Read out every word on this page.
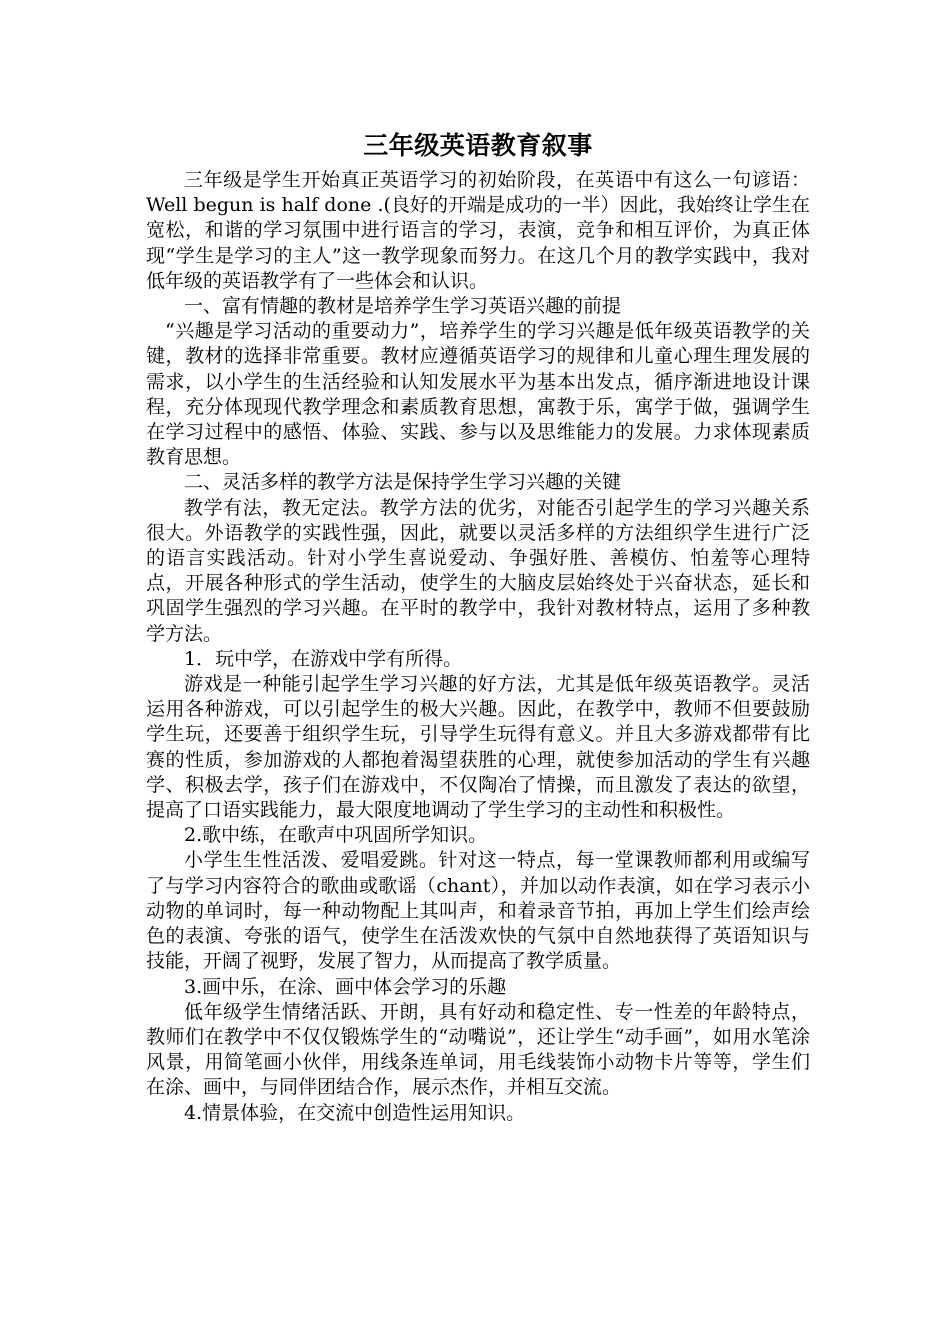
三年级英语教育叙事

三年级是学生开始真正英语学习的初始阶段，在英语中有这么一句谚语：Well begun is half done .(良好的开端是成功的一半）因此，我始终让学生在宽松，和谐的学习氛围中进行语言的学习，表演，竞争和相互评价，为真正体现“学生是学习的主人”这一教学现象而努力。在这几个月的教学实践中，我对低年级的英语教学有了一些体会和认识。

一、富有情趣的教材是培养学生学习英语兴趣的前提

“兴趣是学习活动的重要动力”，培养学生的学习兴趣是低年级英语教学的关键，教材的选择非常重要。教材应遵循英语学习的规律和儿童心理生理发展的需求，以小学生的生活经验和认知发展水平为基本出发点，循序渐进地设计课程，充分体现现代教学理念和素质教育思想，寓教于乐，寓学于做，强调学生在学习过程中的感悟、体验、实践、参与以及思维能力的发展。力求体现素质教育思想。

二、灵活多样的教学方法是保持学生学习兴趣的关键

教学有法，教无定法。教学方法的优劣，对能否引起学生的学习兴趣关系很大。外语教学的实践性强，因此，就要以灵活多样的方法组织学生进行广泛的语言实践活动。针对小学生喜说爱动、争强好胜、善模仿、怕羞等心理特点，开展各种形式的学生活动，使学生的大脑皮层始终处于兴奋状态，延长和巩固学生强烈的学习兴趣。在平时的教学中，我针对教材特点，运用了多种教学方法。

1．玩中学，在游戏中学有所得。

游戏是一种能引起学生学习兴趣的好方法，尤其是低年级英语教学。灵活运用各种游戏，可以引起学生的极大兴趣。因此，在教学中，教师不但要鼓励学生玩，还要善于组织学生玩，引导学生玩得有意义。并且大多游戏都带有比赛的性质，参加游戏的人都抱着渴望获胜的心理，就使参加活动的学生有兴趣学、积极去学，孩子们在游戏中，不仅陶冶了情操，而且激发了表达的欲望，提高了口语实践能力，最大限度地调动了学生学习的主动性和积极性。

2.歌中练，在歌声中巩固所学知识。

小学生生性活泼、爱唱爱跳。针对这一特点，每一堂课教师都利用或编写了与学习内容符合的歌曲或歌谣（chant），并加以动作表演，如在学习表示小动物的单词时，每一种动物配上其叫声，和着录音节拍，再加上学生们绘声绘色的表演、夸张的语气，使学生在活泼欢快的气氛中自然地获得了英语知识与技能，开阔了视野，发展了智力，从而提高了教学质量。

3.画中乐，在涂、画中体会学习的乐趣

低年级学生情绪活跃、开朗，具有好动和稳定性、专一性差的年龄特点，教师们在教学中不仅仅锻炼学生的“动嘴说”，还让学生“动手画”，如用水笔涂风景，用简笔画小伙伴，用线条连单词，用毛线装饰小动物卡片等等，学生们在涂、画中，与同伴团结合作，展示杰作，并相互交流。

4.情景体验，在交流中创造性运用知识。
